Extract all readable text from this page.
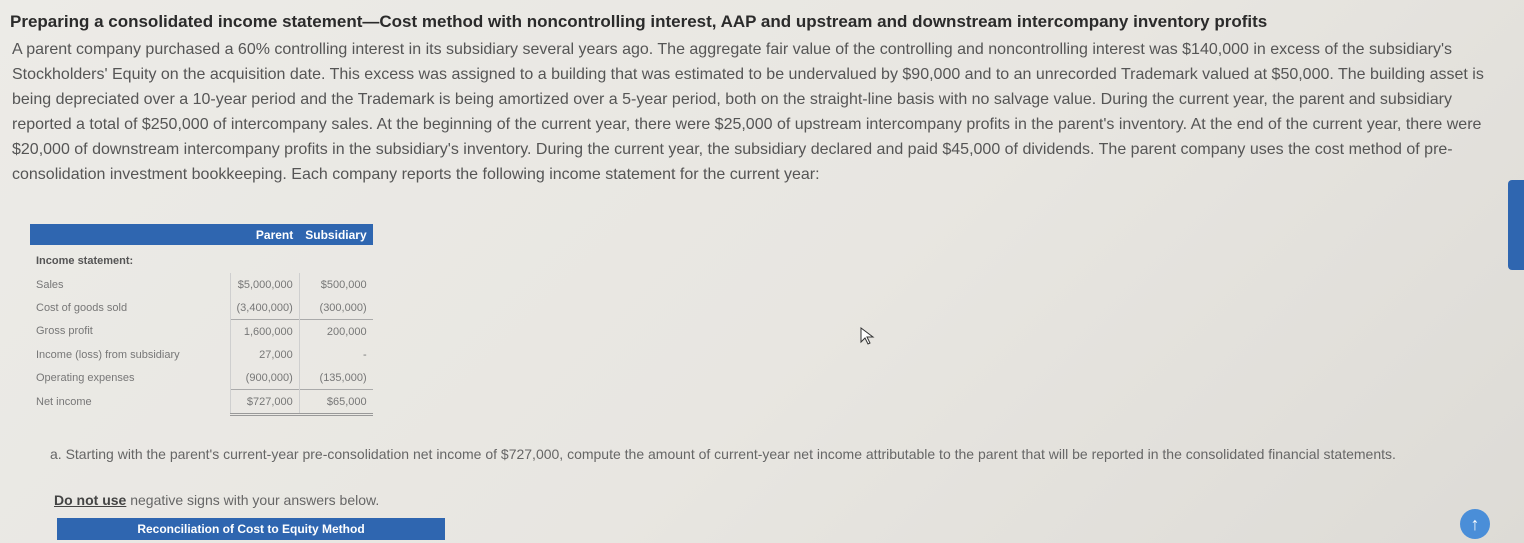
Preparing a consolidated income statement—Cost method with noncontrolling interest, AAP and upstream and downstream intercompany inventory profits
A parent company purchased a 60% controlling interest in its subsidiary several years ago. The aggregate fair value of the controlling and noncontrolling interest was $140,000 in excess of the subsidiary's Stockholders' Equity on the acquisition date. This excess was assigned to a building that was estimated to be undervalued by $90,000 and to an unrecorded Trademark valued at $50,000. The building asset is being depreciated over a 10-year period and the Trademark is being amortized over a 5-year period, both on the straight-line basis with no salvage value. During the current year, the parent and subsidiary reported a total of $250,000 of intercompany sales. At the beginning of the current year, there were $25,000 of upstream intercompany profits in the parent's inventory. At the end of the current year, there were $20,000 of downstream intercompany profits in the subsidiary's inventory. During the current year, the subsidiary declared and paid $45,000 of dividends. The parent company uses the cost method of pre-consolidation investment bookkeeping. Each company reports the following income statement for the current year:
	Parent	Subsidiary
Income statement:		
Sales	$5,000,000	$500,000
Cost of goods sold	(3,400,000)	(300,000)
Gross profit	1,600,000	200,000
Income (loss) from subsidiary	27,000	-
Operating expenses	(900,000)	(135,000)
Net income	$727,000	$65,000
a. Starting with the parent's current-year pre-consolidation net income of $727,000, compute the amount of current-year net income attributable to the parent that will be reported in the consolidated financial statements.
Do not use negative signs with your answers below.
Reconciliation of Cost to Equity Method	↑
